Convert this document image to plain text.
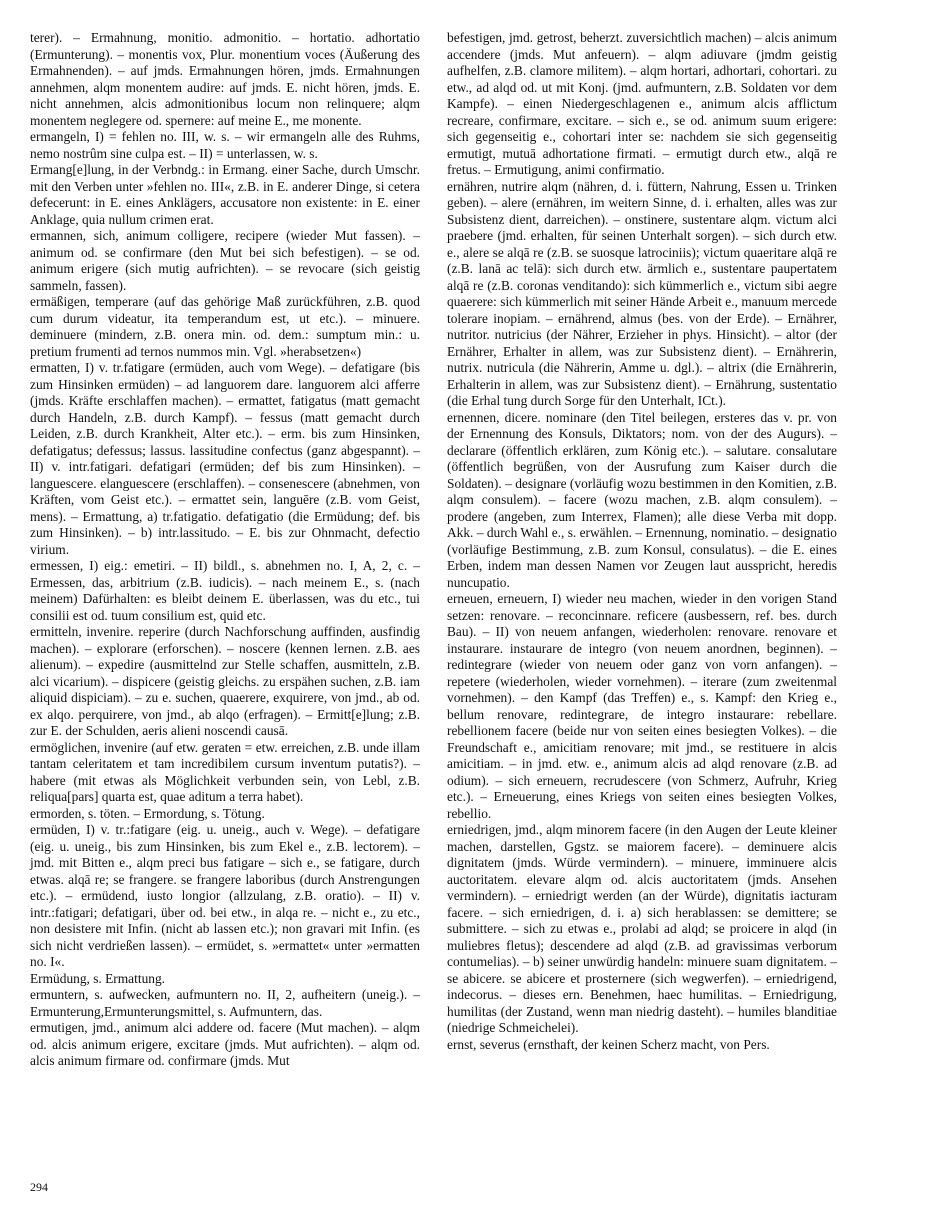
terer). – Ermahnung, monitio. admonitio. – hortatio. adhortatio (Ermunterung). – monentis vox, Plur. monentium voces (Äußerung des Ermahnenden). – auf jmds. Ermahnungen hören, jmds. Ermahnungen annehmen, alqm monentem audire: auf jmds. E. nicht hören, jmds. E. nicht annehmen, alcis admonitionibus locum non relinquere; alqm monentem neglegere od. spernere: auf meine E., me monente.

ermangeln, I) = fehlen no. III, w. s. – wir ermangeln alle des Ruhms, nemo nostrûm sine culpa est. – II) = unterlassen, w. s.

Ermang[e]lung, in der Verbndg.: in Ermang. einer Sache, durch Umschr. mit den Verben unter »fehlen no. III«, z.B. in E. anderer Dinge, si cetera defecerunt: in E. eines Anklägers, accusatore non existente: in E. einer Anklage, quia nullum crimen erat.

ermannen, sich, animum colligere, recipere (wieder Mut fassen). – animum od. se confirmare (den Mut bei sich befestigen). – se od. animum erigere (sich mutig aufrichten). – se revocare (sich geistig sammeln, fassen).

ermäßigen, temperare (auf das gehörige Maß zurückführen, z.B. quod cum durum videatur, ita temperandum est, ut etc.). – minuere. deminuere (mindern, z.B. onera min. od. dem.: sumptum min.: u. pretium frumenti ad ternos nummos min. Vgl. »herabsetzen«)

ermatten, I) v. tr.fatigare (ermüden, auch vom Wege). – defatigare (bis zum Hinsinken ermüden) – ad languorem dare. languorem alci afferre (jmds. Kräfte erschlaffen machen). – ermattet, fatigatus (matt gemacht durch Handeln, z.B. durch Kampf). – fessus (matt gemacht durch Leiden, z.B. durch Krankheit, Alter etc.). – erm. bis zum Hinsinken, defatigatus; defessus; lassus. lassitudine confectus (ganz abgespannt). – II) v. intr.fatigari. defatigari (ermüden; def bis zum Hinsinken). – languescere. elanguescere (erschlaffen). – consenescere (abnehmen, von Kräften, vom Geist etc.). – ermattet sein, languēre (z.B. vom Geist, mens). – Ermattung, a) tr.fatigatio. defatigatio (die Ermüdung; def. bis zum Hinsinken). – b) intr.lassitudo. – E. bis zur Ohnmacht, defectio virium.

ermessen, I) eig.: emetiri. – II) bildl., s. abnehmen no. I, A, 2, c. – Ermessen, das, arbitrium (z.B. iudicis). – nach meinem E., s. (nach meinem) Dafürhalten: es bleibt deinem E. überlassen, was du etc., tui consilii est od. tuum consilium est, quid etc.

ermitteln, invenire. reperire (durch Nachforschung auffinden, ausfindig machen). – explorare (erforschen). – noscere (kennen lernen. z.B. aes alienum). – expedire (ausmittelnd zur Stelle schaffen, ausmitteln, z.B. alci vicarium). – dispicere (geistig gleichs. zu erspähen suchen, z.B. iam aliquid dispiciam). – zu e. suchen, quaerere, exquirere, von jmd., ab od. ex alqo. perquirere, von jmd., ab alqo (erfragen). – Ermitt[e]lung; z.B. zur E. der Schulden, aeris alieni noscendi causā.

ermöglichen, invenire (auf etw. geraten = etw. erreichen, z.B. unde illam tantam celeritatem et tam incredibilem cursum inventum putatis?). – habere (mit etwas als Möglichkeit verbunden sein, von Lebl, z.B. reliqua[pars] quarta est, quae aditum a terra habet).

ermorden, s. töten. – Ermordung, s. Tötung.

ermüden, I) v. tr.:fatigare (eig. u. uneig., auch v. Wege). – defatigare (eig. u. uneig., bis zum Hinsinken, bis zum Ekel e., z.B. lectorem). – jmd. mit Bitten e., alqm preci bus fatigare – sich e., se fatigare, durch etwas. alqā re; se frangere. se frangere laboribus (durch Anstrengungen etc.). – ermüdend, iusto longior (allzulang, z.B. oratio). – II) v. intr.:fatigari; defatigari, über od. bei etw., in alqa re. – nicht e., zu etc., non desistere mit Infin. (nicht ab lassen etc.); non gravari mit Infin. (es sich nicht verdrießen lassen). – ermüdet, s. »ermattet« unter »ermatten no. I«.

Ermüdung, s. Ermattung.

ermuntern, s. aufwecken, aufmuntern no. II, 2, aufheitern (uneig.). – Ermunterung,Ermunterungsmittel, s. Aufmuntern, das.

ermutigen, jmd., animum alci addere od. facere (Mut machen). – alqm od. alcis animum erigere, excitare (jmds. Mut aufrichten). – alqm od. alcis animum firmare od. confirmare (jmds. Mut

befestigen, jmd. getrost, beherzt. zuversichtlich machen) – alcis animum accendere (jmds. Mut anfeuern). – alqm adiuvare (jmdm geistig aufhelfen, z.B. clamore militem). – alqm hortari, adhortari, cohortari. zu etw., ad alqd od. ut mit Konj. (jmd. aufmuntern, z.B. Soldaten vor dem Kampfe). – einen Niedergeschlagenen e., animum alcis afflictum recreare, confirmare, excitare. – sich e., se od. animum suum erigere: sich gegenseitig e., cohortari inter se: nachdem sie sich gegenseitig ermutigt, mutuā adhortatione firmati. – ermutigt durch etw., alqā re fretus. – Ermutigung, animi confirmatio.

ernähren, nutrire alqm (nähren, d. i. füttern, Nahrung, Essen u. Trinken geben). – alere (ernähren, im weitern Sinne, d. i. erhalten, alles was zur Subsistenz dient, darreichen). – onstinere, sustentare alqm. victum alci praebere (jmd. erhalten, für seinen Unterhalt sorgen). – sich durch etw. e., alere se alqā re (z.B. se suosque latrociniis); victum quaeritare alqā re (z.B. lanā ac telā): sich durch etw. ärmlich e., sustentare paupertatem alqā re (z.B. coronas venditando): sich kümmerlich e., victum sibi aegre quaerere: sich kümmerlich mit seiner Hände Arbeit e., manuum mercede tolerare inopiam. – ernährend, almus (bes. von der Erde). – Ernährer, nutritor. nutricius (der Nährer, Erzieher in phys. Hinsicht). – altor (der Ernährer, Erhalter in allem, was zur Subsistenz dient). – Ernährerin, nutrix. nutricula (die Nährerin, Amme u. dgl.). – altrix (die Ernährerin, Erhalterin in allem, was zur Subsistenz dient). – Ernährung, sustentatio (die Erhal tung durch Sorge für den Unterhalt, ICt.).

ernennen, dicere. nominare (den Titel beilegen, ersteres das v. pr. von der Ernennung des Konsuls, Diktators; nom. von der des Augurs). – declarare (öffentlich erklären, zum König etc.). – salutare. consalutare (öffentlich begrüßen, von der Ausrufung zum Kaiser durch die Soldaten). – designare (vorläufig wozu bestimmen in den Komitien, z.B. alqm consulem). – facere (wozu machen, z.B. alqm consulem). – prodere (angeben, zum Interrex, Flamen); alle diese Verba mit dopp. Akk. – durch Wahl e., s. erwählen. – Ernennung, nominatio. – designatio (vorläufige Bestimmung, z.B. zum Konsul, consulatus). – die E. eines Erben, indem man dessen Namen vor Zeugen laut ausspricht, heredis nuncupatio.

erneuen, erneuern, I) wieder neu machen, wieder in den vorigen Stand setzen: renovare. – reconcinnare. reficere (ausbessern, ref. bes. durch Bau). – II) von neuem anfangen, wiederholen: renovare. renovare et instaurare. instaurare de integro (von neuem anordnen, beginnen). – redintegrare (wieder von neuem oder ganz von vorn anfangen). – repetere (wiederholen, wieder vornehmen). – iterare (zum zweitenmal vornehmen). – den Kampf (das Treffen) e., s. Kampf: den Krieg e., bellum renovare, redintegrare, de integro instaurare: rebellare. rebellionem facere (beide nur von seiten eines besiegten Volkes). – die Freundschaft e., amicitiam renovare; mit jmd., se restituere in alcis amicitiam. – in jmd. etw. e., animum alcis ad alqd renovare (z.B. ad odium). – sich erneuern, recrudescere (von Schmerz, Aufruhr, Krieg etc.). – Erneuerung, eines Kriegs von seiten eines besiegten Volkes, rebellio.

erniedrigen, jmd., alqm minorem facere (in den Augen der Leute kleiner machen, darstellen, Ggstz. se maiorem facere). – deminuere alcis dignitatem (jmds. Würde vermindern). – minuere, imminuere alcis auctoritatem. elevare alqm od. alcis auctoritatem (jmds. Ansehen vermindern). – erniedrigt werden (an der Würde), dignitatis iacturam facere. – sich erniedrigen, d. i. a) sich herablassen: se demittere; se submittere. – sich zu etwas e., prolabi ad alqd; se proicere in alqd (in muliebres fletus); descendere ad alqd (z.B. ad gravissimas verborum contumelias). – b) seiner unwürdig handeln: minuere suam dignitatem. – se abicere. se abicere et prosternere (sich wegwerfen). – erniedrigend, indecorus. – dieses ern. Benehmen, haec humilitas. – Erniedrigung, humilitas (der Zustand, wenn man niedrig dasteht). – humiles blanditiae (niedrige Schmeichelei).

ernst, severus (ernsthaft, der keinen Scherz macht, von Pers.

294
